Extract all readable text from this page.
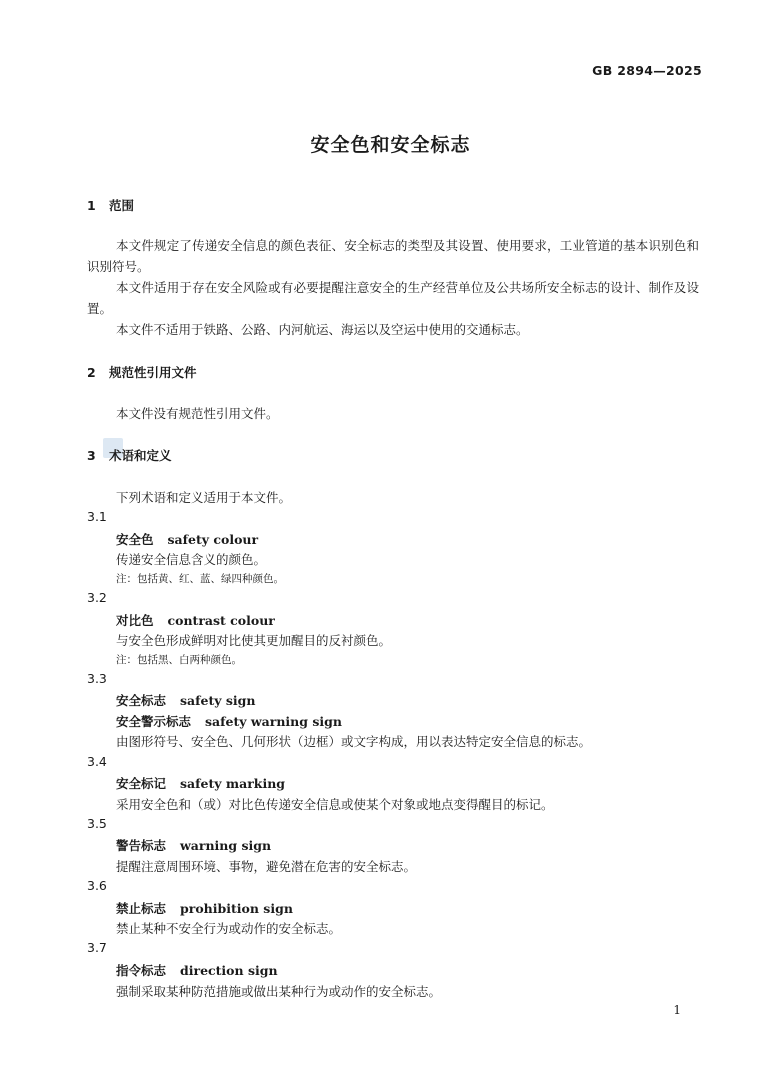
GB 2894—2025
安全色和安全标志
1 范围
本文件规定了传递安全信息的颜色表征、安全标志的类型及其设置、使用要求，工业管道的基本识别色和识别符号。
本文件适用于存在安全风险或有必要提醒注意安全的生产经营单位及公共场所安全标志的设计、制作及设置。
本文件不适用于铁路、公路、内河航运、海运以及空运中使用的交通标志。
2 规范性引用文件
本文件没有规范性引用文件。
3 术语和定义
下列术语和定义适用于本文件。
3.1
安全色 safety colour
传递安全信息含义的颜色。
注：包括黄、红、蓝、绿四种颜色。
3.2
对比色 contrast colour
与安全色形成鲜明对比使其更加醒目的反衬颜色。
注：包括黑、白两种颜色。
3.3
安全标志 safety sign
安全警示标志 safety warning sign
由图形符号、安全色、几何形状（边框）或文字构成，用以表达特定安全信息的标志。
3.4
安全标记 safety marking
采用安全色和（或）对比色传递安全信息或使某个对象或地点变得醒目的标记。
3.5
警告标志 warning sign
提醒注意周围环境、事物，避免潜在危害的安全标志。
3.6
禁止标志 prohibition sign
禁止某种不安全行为或动作的安全标志。
3.7
指令标志 direction sign
强制采取某种防范措施或做出某种行为或动作的安全标志。
1
